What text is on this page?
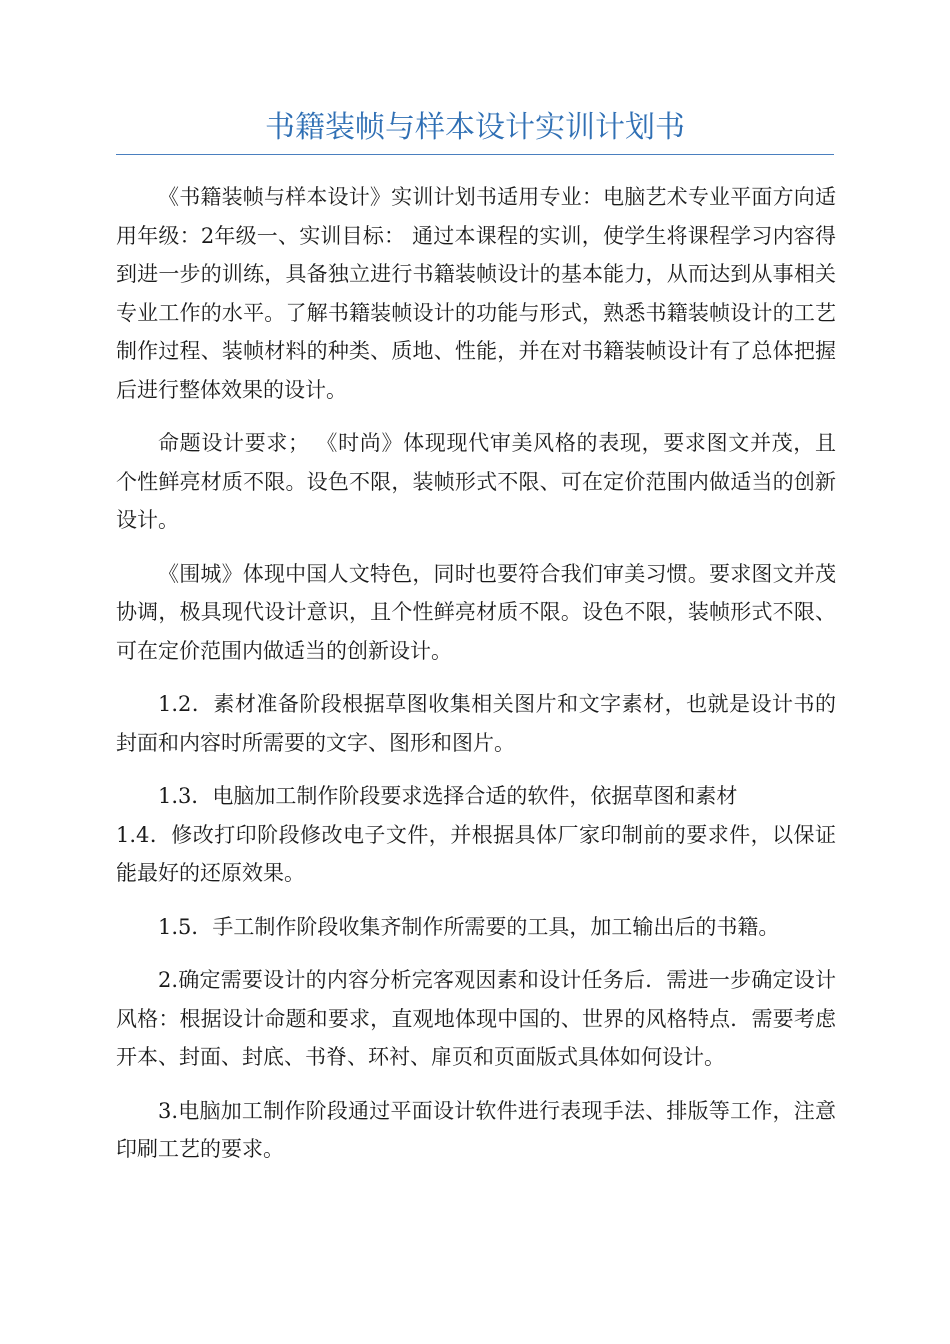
书籍装帧与样本设计实训计划书

《书籍装帧与样本设计》实训计划书适用专业：电脑艺术专业平面方向适用年级：2年级一、实训目标： 通过本课程的实训，使学生将课程学习内容得到进一步的训练，具备独立进行书籍装帧设计的基本能力，从而达到从事相关专业工作的水平。了解书籍装帧设计的功能与形式，熟悉书籍装帧设计的工艺制作过程、装帧材料的种类、质地、性能，并在对书籍装帧设计有了总体把握后进行整体效果的设计。

命题设计要求； 《时尚》体现现代审美风格的表现，要求图文并茂，且个性鲜亮材质不限。设色不限，装帧形式不限、可在定价范围内做适当的创新设计。

《围城》体现中国人文特色，同时也要符合我们审美习惯。要求图文并茂协调，极具现代设计意识，且个性鲜亮材质不限。设色不限，装帧形式不限、可在定价范围内做适当的创新设计。

1.2．素材准备阶段根据草图收集相关图片和文字素材，也就是设计书的封面和内容时所需要的文字、图形和图片。

1.3．电脑加工制作阶段要求选择合适的软件，依据草图和素材

1.4．修改打印阶段修改电子文件，并根据具体厂家印制前的要求件，以保证能最好的还原效果。

1.5．手工制作阶段收集齐制作所需要的工具，加工输出后的书籍。

2.确定需要设计的内容分析完客观因素和设计任务后．需进一步确定设计风格：根据设计命题和要求，直观地体现中国的、世界的风格特点．需要考虑开本、封面、封底、书脊、环衬、扉页和页面版式具体如何设计。

3.电脑加工制作阶段通过平面设计软件进行表现手法、排版等工作，注意印刷工艺的要求。
